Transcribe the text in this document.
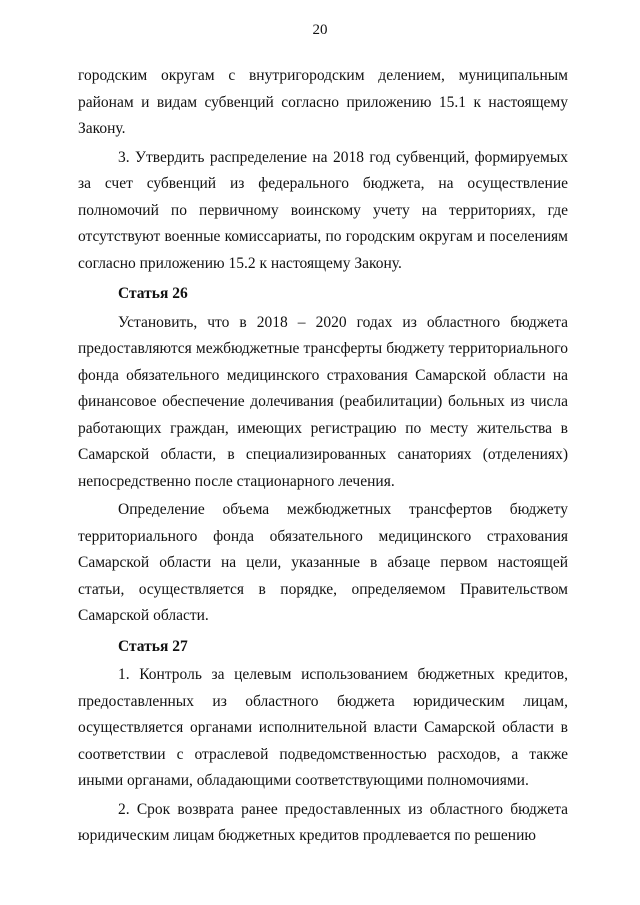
20

городским округам с внутригородским делением, муниципальным районам и видам субвенций согласно приложению 15.1 к настоящему Закону.

3. Утвердить распределение на 2018 год субвенций, формируемых за счет субвенций из федерального бюджета, на осуществление полномочий по первичному воинскому учету на территориях, где отсутствуют военные комиссариаты, по городским округам и поселениям согласно приложению 15.2 к настоящему Закону.

Статья 26

Установить, что в 2018 – 2020 годах из областного бюджета предоставляются межбюджетные трансферты бюджету территориального фонда обязательного медицинского страхования Самарской области на финансовое обеспечение долечивания (реабилитации) больных из числа работающих граждан, имеющих регистрацию по месту жительства в Самарской области, в специализированных санаториях (отделениях) непосредственно после стационарного лечения.

Определение объема межбюджетных трансфертов бюджету территориального фонда обязательного медицинского страхования Самарской области на цели, указанные в абзаце первом настоящей статьи, осуществляется в порядке, определяемом Правительством Самарской области.

Статья 27

1. Контроль за целевым использованием бюджетных кредитов, предоставленных из областного бюджета юридическим лицам, осуществляется органами исполнительной власти Самарской области в соответствии с отраслевой подведомственностью расходов, а также иными органами, обладающими соответствующими полномочиями.

2. Срок возврата ранее предоставленных из областного бюджета юридическим лицам бюджетных кредитов продлевается по решению
